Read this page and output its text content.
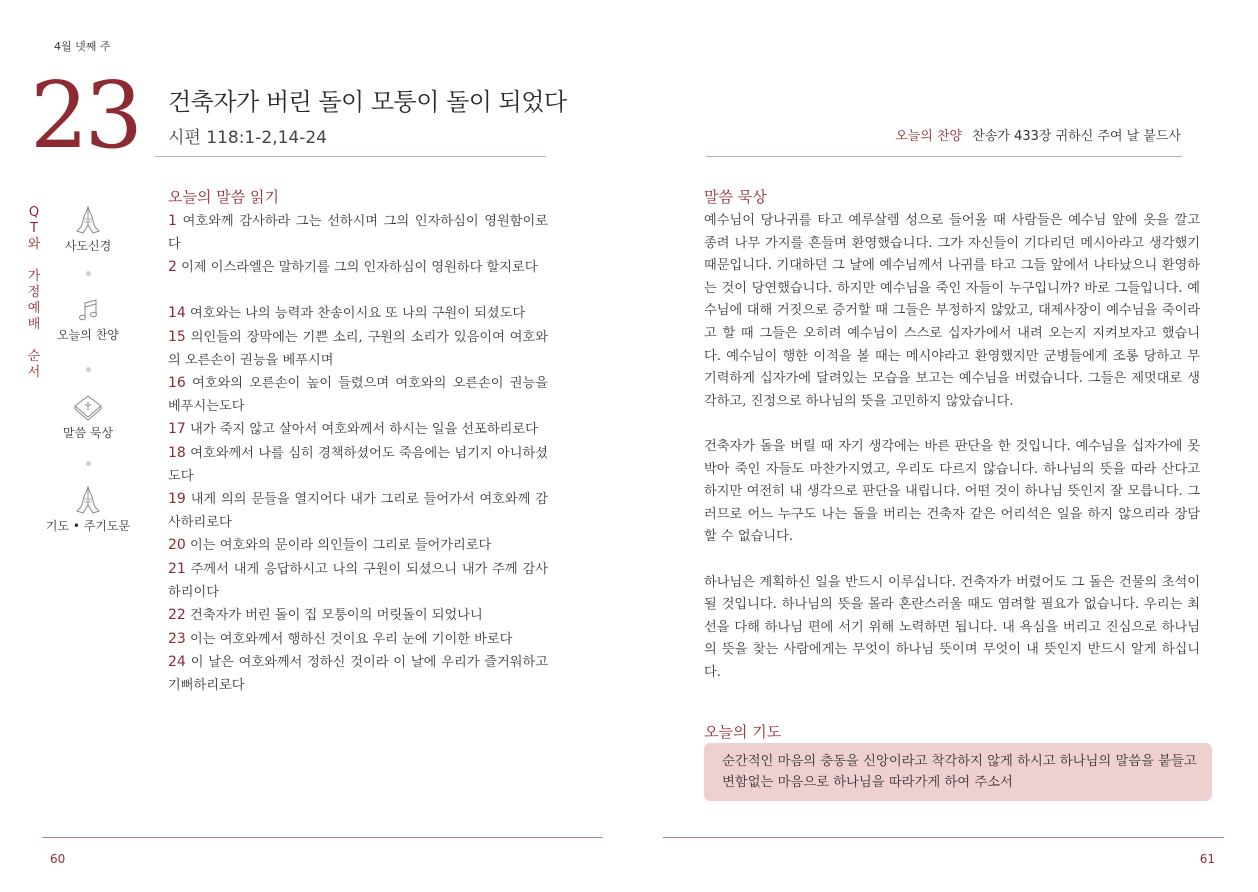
4월 넷째 주
23 건축자가 버린 돌이 모퉁이 돌이 되었다
시편 118:1-2,14-24	오늘의 찬양 찬송가 433장 귀하신 주여 날 붙드사
Q
T
와
가
정
예
배
순
서
사도신경
오늘의 찬양
말씀 묵상
기도 • 주기도문
오늘의 말씀 읽기
1 여호와께 감사하라 그는 선하시며 그의 인자하심이 영원함이로다
2 이제 이스라엘은 말하기를 그의 인자하심이 영원하다 할지로다
14 여호와는 나의 능력과 찬송이시요 또 나의 구원이 되셨도다
15 의인들의 장막에는 기쁜 소리, 구원의 소리가 있음이여 여호와의 오른손이 권능을 베푸시며
16 여호와의 오른손이 높이 들렸으며 여호와의 오른손이 권능을 베푸시는도다
17 내가 죽지 않고 살아서 여호와께서 하시는 일을 선포하리로다
18 여호와께서 나를 심히 경책하셨어도 죽음에는 넘기지 아니하셨도다
19 내게 의의 문들을 열지어다 내가 그리로 들어가서 여호와께 감사하리로다
20 이는 여호와의 문이라 의인들이 그리로 들어가리로다
21 주께서 내게 응답하시고 나의 구원이 되셨으니 내가 주께 감사하리이다
22 건축자가 버린 돌이 집 모퉁이의 머릿돌이 되었나니
23 이는 여호와께서 행하신 것이요 우리 눈에 기이한 바로다
24 이 날은 여호와께서 정하신 것이라 이 날에 우리가 즐거워하고 기뻐하리로다
말씀 묵상

예수님이 당나귀를 타고 예루살렘 성으로 들어올 때 사람들은 예수님 앞에 옷을 깔고 종려 나무 가지를 흔들며 환영했습니다. 그가 자신들이 기다리던 메시아라고 생각했기 때문입니다. 기대하던 그 날에 예수님께서 나귀를 타고 그들 앞에서 나타났으니 환영하는 것이 당연했습니다. 하지만 예수님을 죽인 자들이 누구입니까? 바로 그들입니다. 예수님에 대해 거짓으로 증거할 때 그들은 부정하지 않았고, 대제사장이 예수님을 죽이라고 할 때 그들은 오히려 예수님이 스스로 십자가에서 내려 오는지 지켜보자고 했습니다. 예수님이 행한 이적을 볼 때는 메시야라고 환영했지만 군병들에게 조롱 당하고 무기력하게 십자가에 달려있는 모습을 보고는 예수님을 버렸습니다. 그들은 제멋대로 생각하고, 진정으로 하나님의 뜻을 고민하지 않았습니다.

건축자가 돌을 버릴 때 자기 생각에는 바른 판단을 한 것입니다. 예수님을 십자가에 못박아 죽인 자들도 마찬가지였고, 우리도 다르지 않습니다. 하나님의 뜻을 따라 산다고 하지만 여전히 내 생각으로 판단을 내립니다. 어떤 것이 하나님 뜻인지 잘 모릅니다. 그러므로 어느 누구도 나는 돌을 버리는 건축자 같은 어리석은 일을 하지 않으리라 장담할 수 없습니다.

하나님은 계획하신 일을 반드시 이루십니다. 건축자가 버렸어도 그 돌은 건물의 초석이 될 것입니다. 하나님의 뜻을 몰라 혼란스러울 때도 염려할 필요가 없습니다. 우리는 최선을 다해 하나님 편에 서기 위해 노력하면 됩니다. 내 욕심을 버리고 진심으로 하나님의 뜻을 찾는 사람에게는 무엇이 하나님 뜻이며 무엇이 내 뜻인지 반드시 알게 하십니다.

오늘의 기도
순간적인 마음의 충동을 신앙이라고 착각하지 않게 하시고 하나님의 말씀을 붙들고 변함없는 마음으로 하나님을 따라가게 하여 주소서
60	61
